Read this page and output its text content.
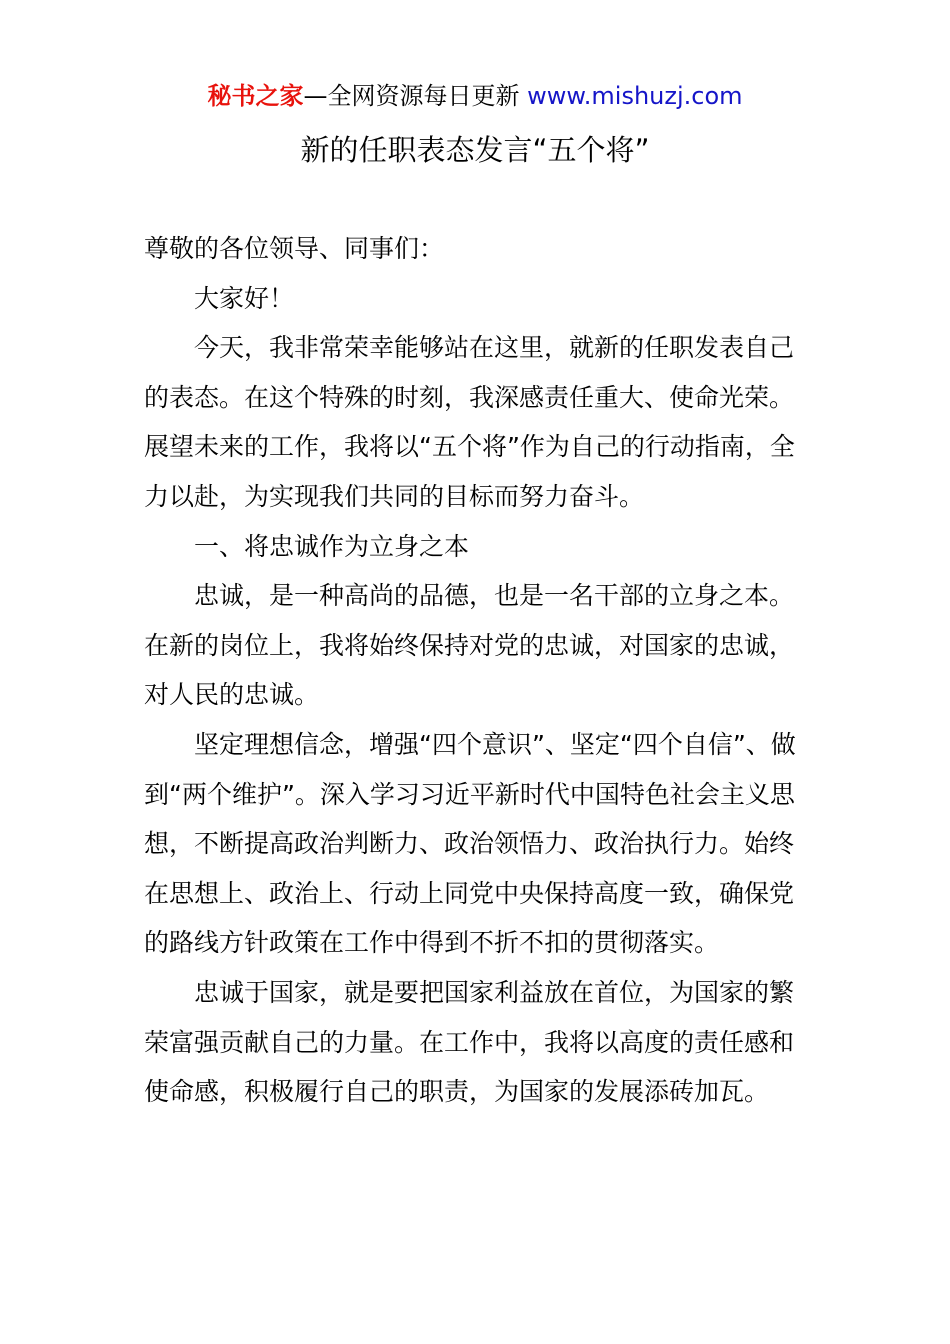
秘书之家—全网资源每日更新 www.mishuzj.com
新的任职表态发言“五个将”

尊敬的各位领导、同事们：

大家好！

今天，我非常荣幸能够站在这里，就新的任职发表自己的表态。在这个特殊的时刻，我深感责任重大、使命光荣。展望未来的工作，我将以“五个将”作为自己的行动指南，全力以赴，为实现我们共同的目标而努力奋斗。

一、将忠诚作为立身之本

忠诚，是一种高尚的品德，也是一名干部的立身之本。在新的岗位上，我将始终保持对党的忠诚，对国家的忠诚，对人民的忠诚。

坚定理想信念，增强“四个意识”、坚定“四个自信”、做到“两个维护”。深入学习习近平新时代中国特色社会主义思想，不断提高政治判断力、政治领悟力、政治执行力。始终在思想上、政治上、行动上同党中央保持高度一致，确保党的路线方针政策在工作中得到不折不扣的贯彻落实。

忠诚于国家，就是要把国家利益放在首位，为国家的繁荣富强贡献自己的力量。在工作中，我将以高度的责任感和使命感，积极履行自己的职责，为国家的发展添砖加瓦。
